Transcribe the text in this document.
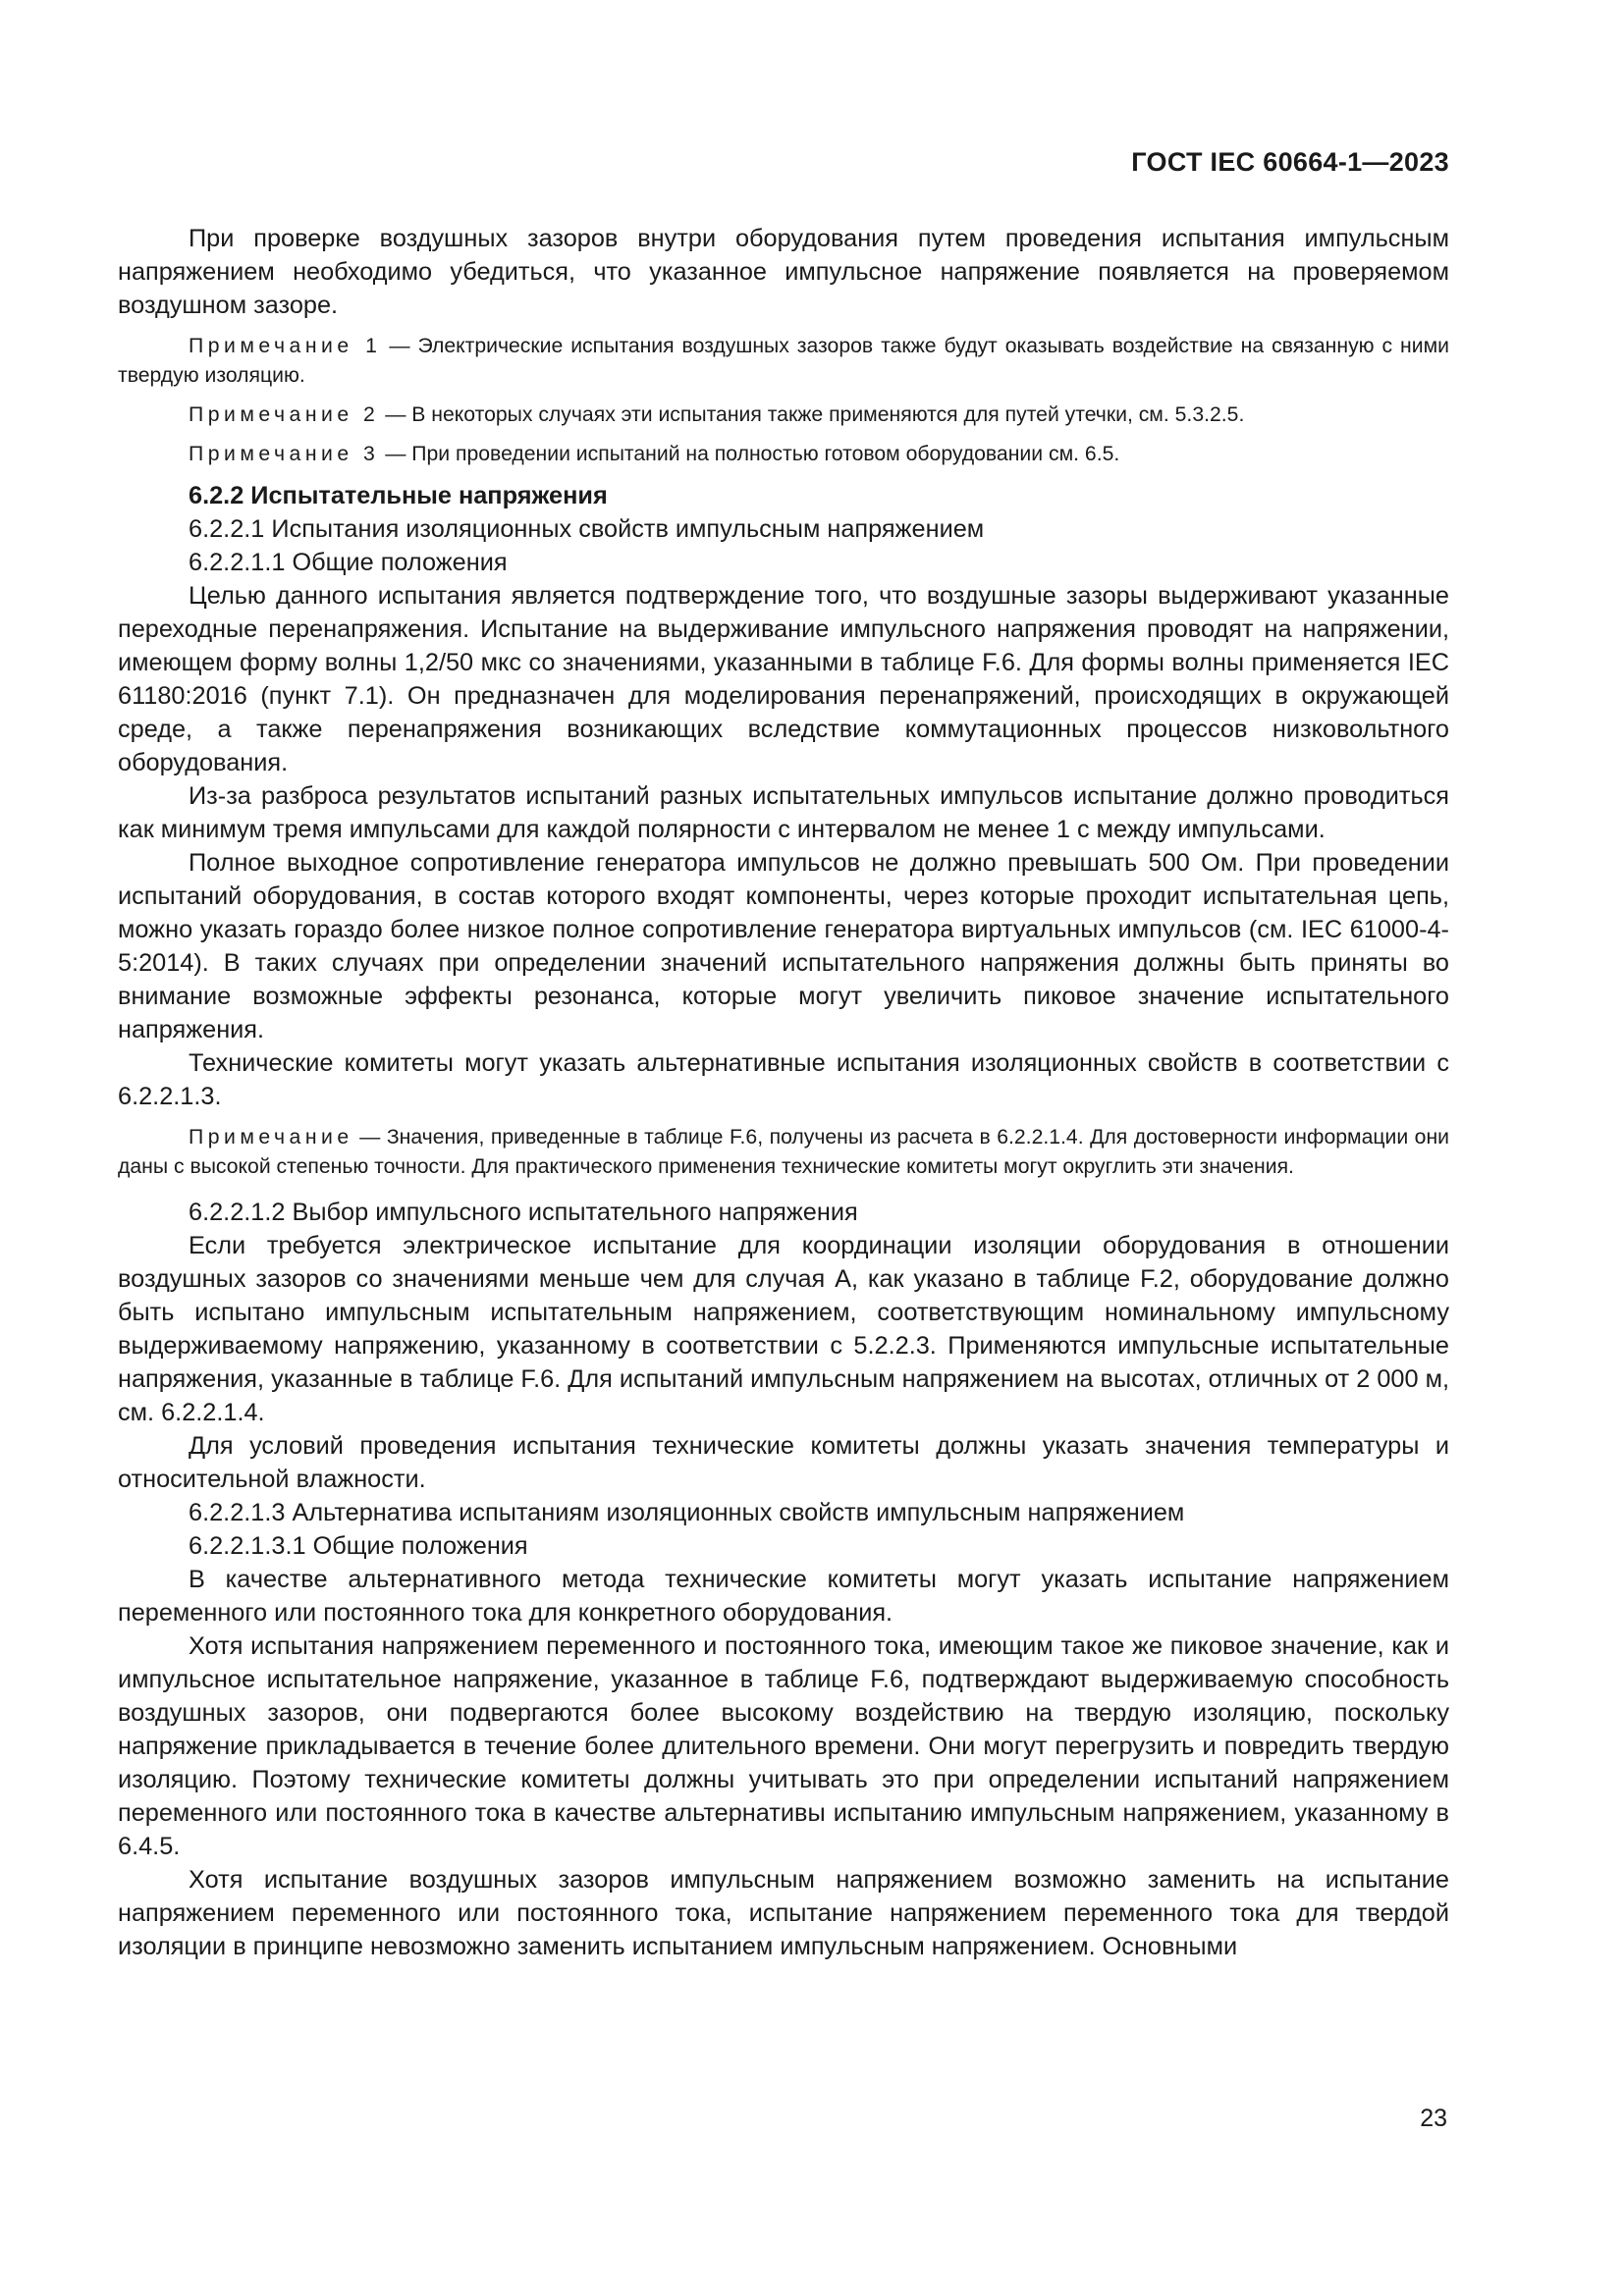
ГОСТ IEC 60664-1—2023

При проверке воздушных зазоров внутри оборудования путем проведения испытания импульсным напряжением необходимо убедиться, что указанное импульсное напряжение появляется на проверяемом воздушном зазоре.

Примечание 1 — Электрические испытания воздушных зазоров также будут оказывать воздействие на связанную с ними твердую изоляцию.

Примечание 2 — В некоторых случаях эти испытания также применяются для путей утечки, см. 5.3.2.5.

Примечание 3 — При проведении испытаний на полностью готовом оборудовании см. 6.5.

6.2.2 Испытательные напряжения

6.2.2.1 Испытания изоляционных свойств импульсным напряжением

6.2.2.1.1 Общие положения

Целью данного испытания является подтверждение того, что воздушные зазоры выдерживают указанные переходные перенапряжения. Испытание на выдерживание импульсного напряжения проводят на напряжении, имеющем форму волны 1,2/50 мкс со значениями, указанными в таблице F.6. Для формы волны применяется IEC 61180:2016 (пункт 7.1). Он предназначен для моделирования перенапряжений, происходящих в окружающей среде, а также перенапряжения возникающих вследствие коммутационных процессов низковольтного оборудования.

Из-за разброса результатов испытаний разных испытательных импульсов испытание должно проводиться как минимум тремя импульсами для каждой полярности с интервалом не менее 1 с между импульсами.

Полное выходное сопротивление генератора импульсов не должно превышать 500 Ом. При проведении испытаний оборудования, в состав которого входят компоненты, через которые проходит испытательная цепь, можно указать гораздо более низкое полное сопротивление генератора виртуальных импульсов (см. IEC 61000-4-5:2014). В таких случаях при определении значений испытательного напряжения должны быть приняты во внимание возможные эффекты резонанса, которые могут увеличить пиковое значение испытательного напряжения.

Технические комитеты могут указать альтернативные испытания изоляционных свойств в соответствии с 6.2.2.1.3.

Примечание — Значения, приведенные в таблице F.6, получены из расчета в 6.2.2.1.4. Для достоверности информации они даны с высокой степенью точности. Для практического применения технические комитеты могут округлить эти значения.

6.2.2.1.2 Выбор импульсного испытательного напряжения

Если требуется электрическое испытание для координации изоляции оборудования в отношении воздушных зазоров со значениями меньше чем для случая А, как указано в таблице F.2, оборудование должно быть испытано импульсным испытательным напряжением, соответствующим номинальному импульсному выдерживаемому напряжению, указанному в соответствии с 5.2.2.3. Применяются импульсные испытательные напряжения, указанные в таблице F.6. Для испытаний импульсным напряжением на высотах, отличных от 2 000 м, см. 6.2.2.1.4.

Для условий проведения испытания технические комитеты должны указать значения температуры и относительной влажности.

6.2.2.1.3 Альтернатива испытаниям изоляционных свойств импульсным напряжением

6.2.2.1.3.1 Общие положения

В качестве альтернативного метода технические комитеты могут указать испытание напряжением переменного или постоянного тока для конкретного оборудования.

Хотя испытания напряжением переменного и постоянного тока, имеющим такое же пиковое значение, как и импульсное испытательное напряжение, указанное в таблице F.6, подтверждают выдерживаемую способность воздушных зазоров, они подвергаются более высокому воздействию на твердую изоляцию, поскольку напряжение прикладывается в течение более длительного времени. Они могут перегрузить и повредить твердую изоляцию. Поэтому технические комитеты должны учитывать это при определении испытаний напряжением переменного или постоянного тока в качестве альтернативы испытанию импульсным напряжением, указанному в 6.4.5.

Хотя испытание воздушных зазоров импульсным напряжением возможно заменить на испытание напряжением переменного или постоянного тока, испытание напряжением переменного тока для твердой изоляции в принципе невозможно заменить испытанием импульсным напряжением. Основными

23
